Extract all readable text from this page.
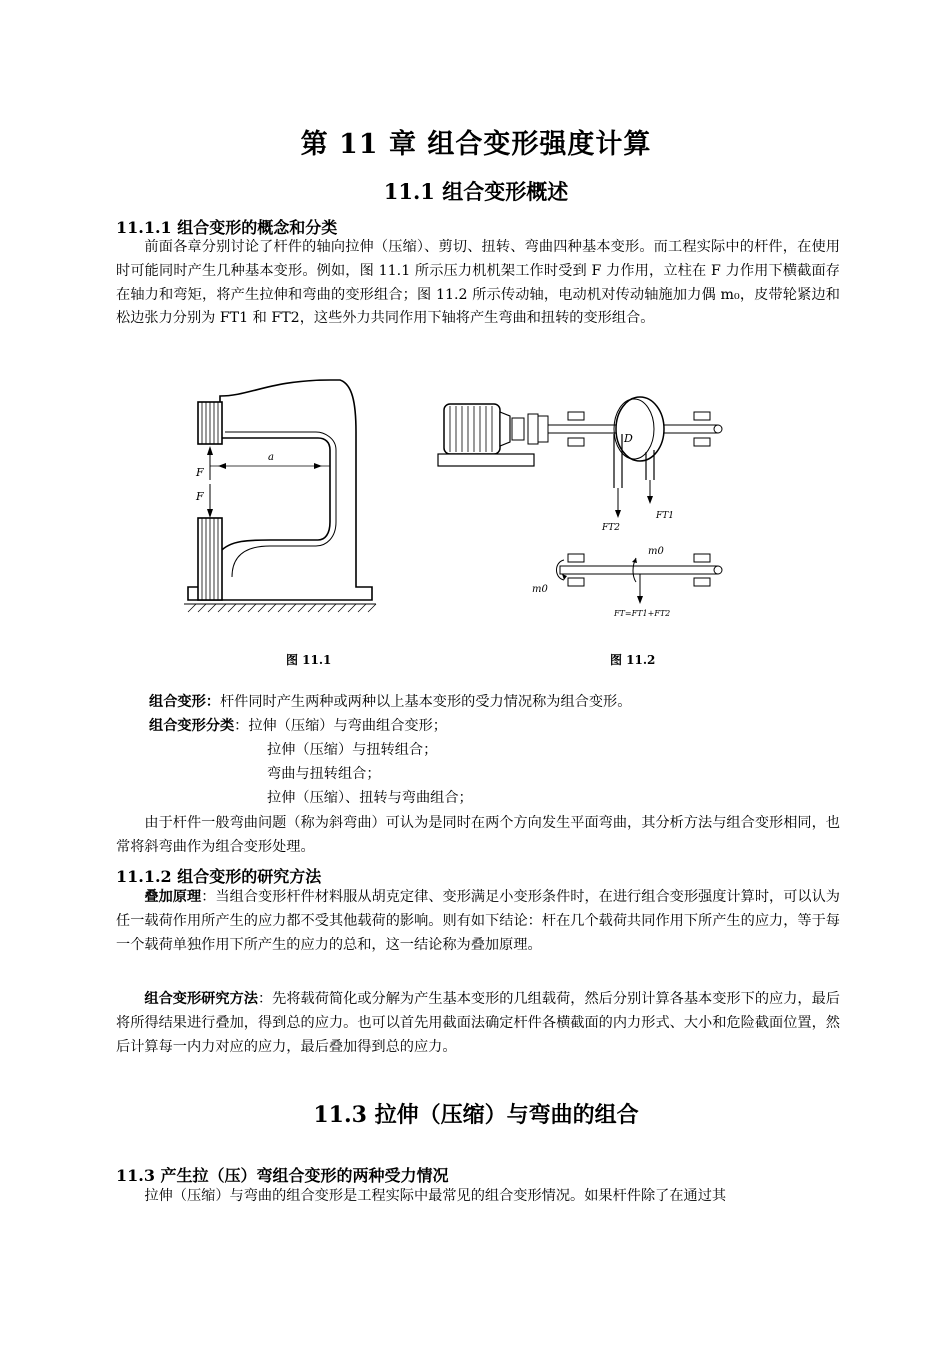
第 11 章 组合变形强度计算
11.1 组合变形概述
11.1.1 组合变形的概念和分类
前面各章分别讨论了杆件的轴向拉伸（压缩）、剪切、扭转、弯曲四种基本变形。而工程实际中的杆件，在使用时可能同时产生几种基本变形。例如，图 11.1 所示压力机机架工作时受到 F 力作用，立柱在 F 力作用下横截面存在轴力和弯矩，将产生拉伸和弯曲的变形组合；图 11.2 所示传动轴，电动机对传动轴施加力偶 m₀，皮带轮紧边和松边张力分别为 FT1 和 FT2，这些外力共同作用下轴将产生弯曲和扭转的变形组合。
a
F
F
D
FT2
FT1
m0
m0
FT=FT1+FT2
图 11.1	图 11.2
组合变形：杆件同时产生两种或两种以上基本变形的受力情况称为组合变形。
组合变形分类：拉伸（压缩）与弯曲组合变形；
拉伸（压缩）与扭转组合；
弯曲与扭转组合；
拉伸（压缩）、扭转与弯曲组合；
由于杆件一般弯曲问题（称为斜弯曲）可认为是同时在两个方向发生平面弯曲，其分析方法与组合变形相同，也常将斜弯曲作为组合变形处理。
11.1.2 组合变形的研究方法
叠加原理：当组合变形杆件材料服从胡克定律、变形满足小变形条件时，在进行组合变形强度计算时，可以认为任一载荷作用所产生的应力都不受其他载荷的影响。则有如下结论：杆在几个载荷共同作用下所产生的应力，等于每一个载荷单独作用下所产生的应力的总和，这一结论称为叠加原理。
组合变形研究方法：先将载荷简化或分解为产生基本变形的几组载荷，然后分别计算各基本变形下的应力，最后将所得结果进行叠加，得到总的应力。也可以首先用截面法确定杆件各横截面的内力形式、大小和危险截面位置，然后计算每一内力对应的应力，最后叠加得到总的应力。
11.3 拉伸（压缩）与弯曲的组合
11.3 产生拉（压）弯组合变形的两种受力情况
拉伸（压缩）与弯曲的组合变形是工程实际中最常见的组合变形情况。如果杆件除了在通过其
